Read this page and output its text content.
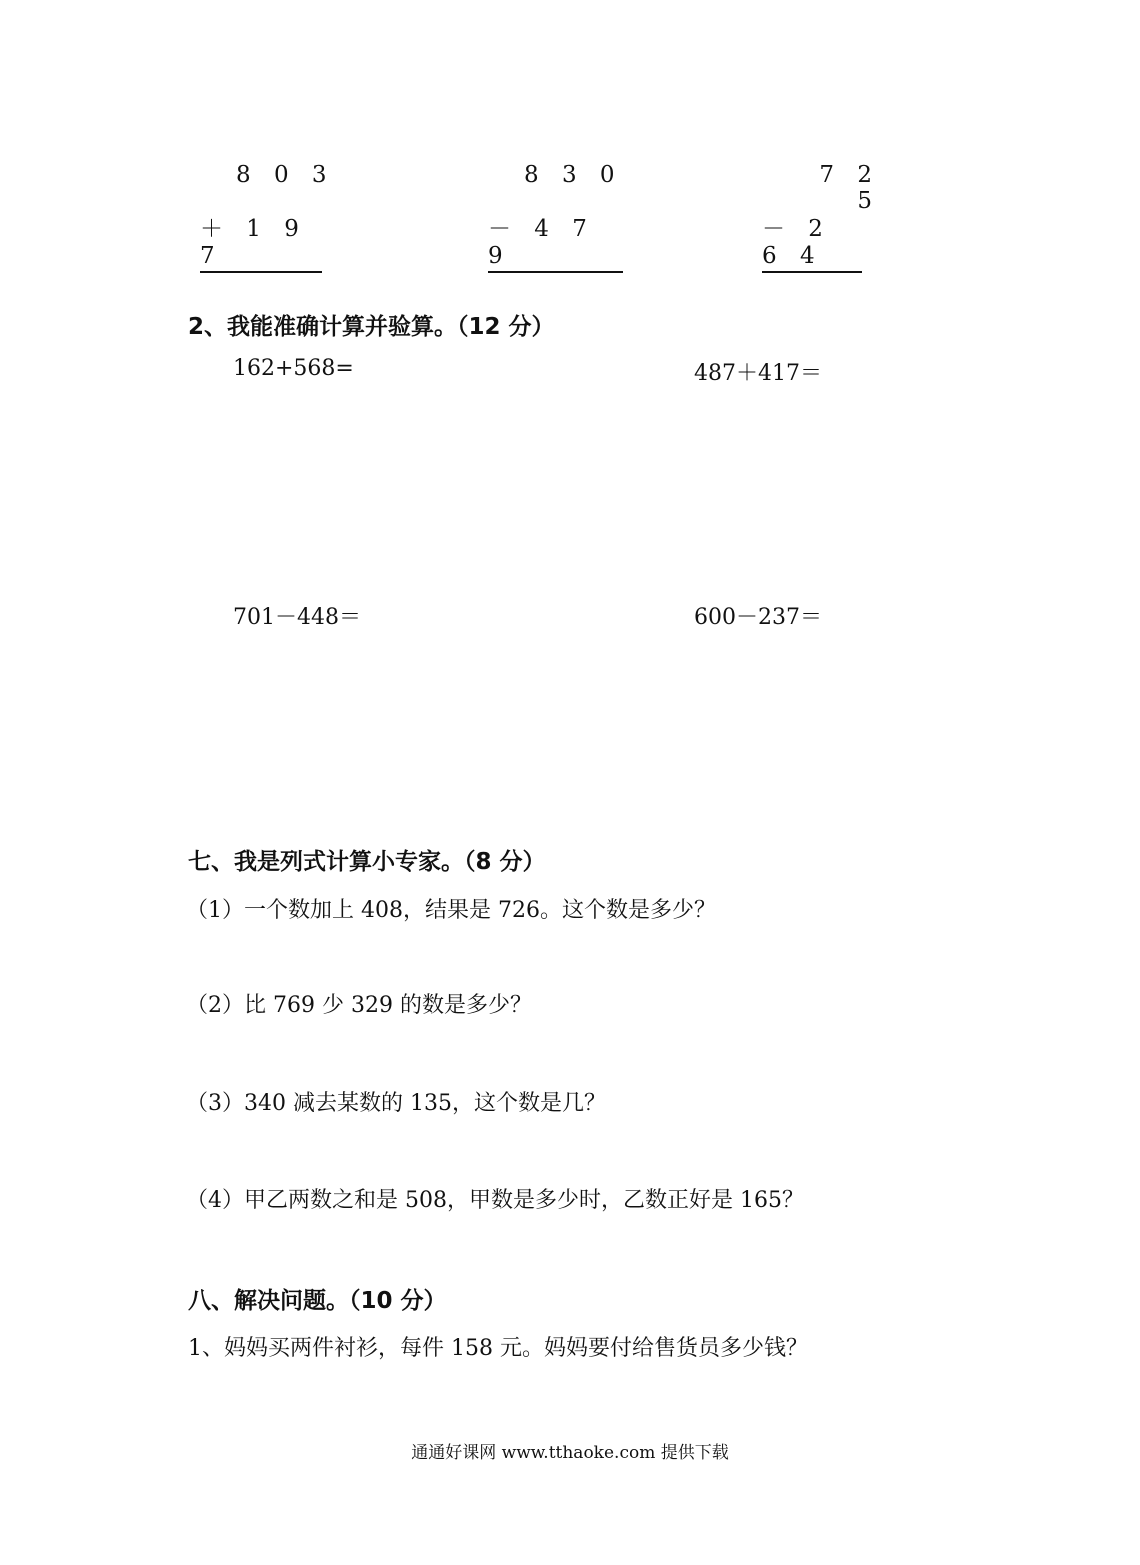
8 0 3
＋ 1 9 7
8 3 0
－ 4 7 9
7 2 5
－ 2 6 4
2、我能准确计算并验算。（12 分）
162+568=	487＋417＝
701－448＝	600－237＝
七、我是列式计算小专家。（8 分）
（1）一个数加上 408，结果是 726。这个数是多少？
（2）比 769 少 329 的数是多少？
（3）340 减去某数的 135，这个数是几？
（4）甲乙两数之和是 508，甲数是多少时，乙数正好是 165？
八、解决问题。（10 分）
1、妈妈买两件衬衫，每件 158 元。妈妈要付给售货员多少钱？
通通好课网 www.tthaoke.com 提供下载
